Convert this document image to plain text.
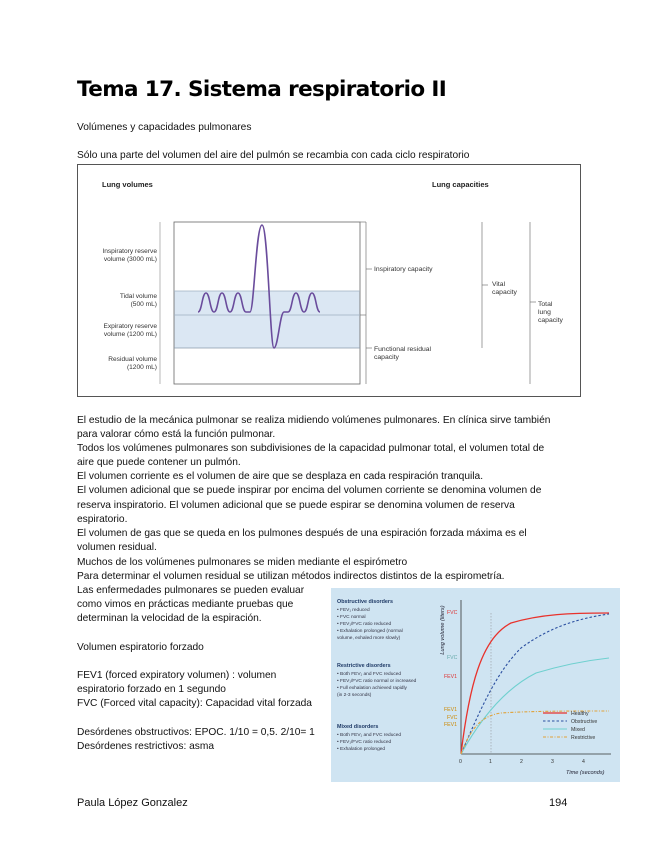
Tema 17. Sistema respiratorio II
Volúmenes y capacidades pulmonares
Sólo una parte del volumen del aire del pulmón se recambia con cada ciclo respiratorio
Lung volumes	Lung capacities
Inspiratory reserve
volume (3000 mL)
Tidal volume
(500 mL)
Expiratory reserve
volume (1200 mL)
Residual volume
(1200 mL)
Inspiratory capacity
Functional residual
capacity
Vital
capacity
Total
lung
capacity
El estudio de la mecánica pulmonar se realiza midiendo volúmenes pulmonares. En clínica sirve también
para valorar cómo está la función pulmonar.
Todos los volúmenes pulmonares son subdivisiones de la capacidad pulmonar total, el volumen total de
aire que puede contener un pulmón.
El volumen corriente es el volumen de aire que se desplaza en cada respiración tranquila.
El volumen adicional que se puede inspirar por encima del volumen corriente se denomina volumen de
reserva inspiratorio. El volumen adicional que se puede espirar se denomina volumen de reserva
espiratorio.
El volumen de gas que se queda en los pulmones después de una espiración forzada máxima es el
volumen residual.
Muchos de los volúmenes pulmonares se miden mediante el espirómetro
Para determinar el volumen residual se utilizan métodos indirectos distintos de la espirometría.
Las enfermedades pulmonares se pueden evaluar
como vimos en prácticas mediante pruebas que
determinan la velocidad de la espiración.
Volumen espiratorio forzado
FEV1 (forced expiratory volumen) : volumen
espiratorio forzado en 1 segundo
FVC (Forced vital capacity): Capacidad vital forzada
Desórdenes obstructivos: EPOC. 1/10 = 0,5. 2/10= 1
Desórdenes restrictivos: asma
Obstructive disorders
• FEV₁ reduced
• FVC normal
• FEV₁/FVC ratio reduced
• Exhalation prolonged (normal
volume, exhaled more slowly)
Restrictive disorders
• Both FEV₁ and FVC reduced
• FEV₁/FVC ratio normal or increased
• Full exhalation achieved rapidly
(in 2-3 seconds)
Mixed disorders
• Both FEV₁ and FVC reduced
• FEV₁/FVC ratio reduced
• Exhalation prolonged
Lung volume (liters) FVC
FVC
FEV1
FEV1
FVC
FEV1
0	1	2	3	4
Time (seconds)
Healthy
Obstructive
Mixed
Restrictive
Paula López Gonzalez	194
